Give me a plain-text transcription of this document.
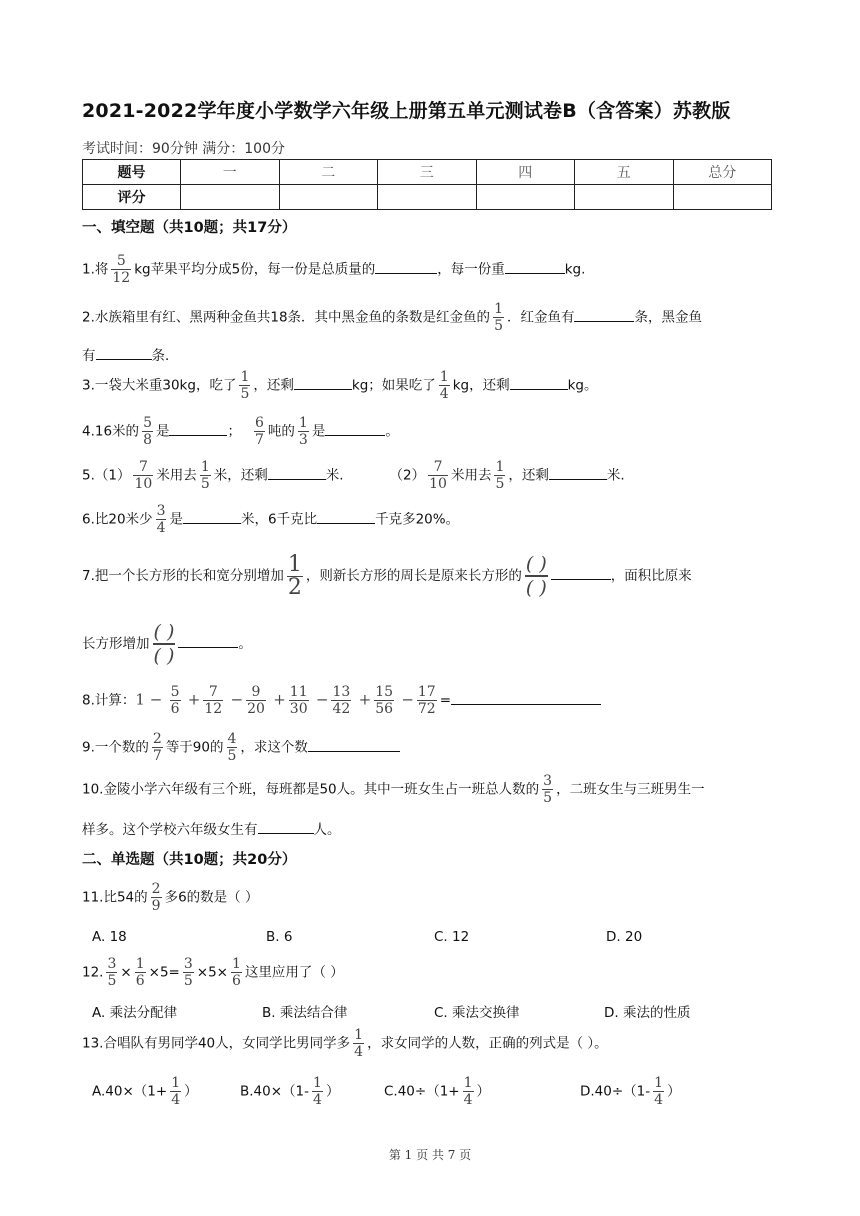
2021-2022学年度小学数学六年级上册第五单元测试卷B（含答案）苏教版
考试时间：90分钟 满分：100分
题号	一	二	三	四	五	总分
评分						
一、填空题（共10题；共17分）
1.将 $\frac{5}{12}$ kg苹果平均分成5份，每一份是总质量的	，每一份重	kg.
2.水族箱里有红、黑两种金鱼共18条．其中黑金鱼的条数是红金鱼的 $\frac{1}{5}$ ．红金鱼有	条，黑金鱼
有	条．
3.一袋大米重30kg，吃了 $\frac{1}{5}$ ，还剩	kg；如果吃了 $\frac{1}{4}$ kg，还剩	kg。
4.16米的 $\frac{5}{8}$ 是	； $\frac{6}{7}$ 吨的 $\frac{1}{3}$ 是	。
$5.(1) \frac{7}{10}$ 米用去 $\frac{1}{5}$ 米，还剩	米.	$(2) \frac{7}{10}$ 米用去 $\frac{1}{5}$ ，还剩	米.
6.比20米少 $\frac{3}{4}$ 是	米，6千克比	千克多20%。
7.把一个长方形的长和宽分别增加 $\frac{1}{2}$ ，则新长方形的周长是原来长方形的 $\frac{( )}{( )}$	，面积比原来
长方形增加 $\frac{( )}{( )}$	。
8.计算：$1 - \frac{5}{6} + \frac{7}{12} - \frac{9}{20} + \frac{11}{30} - \frac{13}{42} + \frac{15}{56} - \frac{17}{72}$ =
9.一个数的 $\frac{2}{7}$ 等于90的 $\frac{4}{5}$ ，求这个数
10.金陵小学六年级有三个班，每班都是50人。其中一班女生占一班总人数的 $\frac{3}{5}$ ，二班女生与三班男生一
样多。这个学校六年级女生有	人。
二、单选题（共10题；共20分）
11.比54的 $\frac{2}{9}$ 多6的数是（ ）
A. 18	B. 6	C. 12	D. 20
12. $\frac{3}{5} \times \frac{1}{6} \times 5= \frac{3}{5} \times 5\times \frac{1}{6}$ 这里应用了（ ）
A. 乘法分配律	B. 乘法结合律	C. 乘法交换律	D. 乘法的性质
13.合唱队有男同学40人，女同学比男同学多 $\frac{1}{4}$ ，求女同学的人数，正确的列式是（ ）。
$A.40\times(1+ \frac{1}{4}$ ）	$B.40\times(1- \frac{1}{4}$ ）	$C.40\div(1+ \frac{1}{4}$ ）	$D.40\div(1- \frac{1}{4}$ ）
第 1 页 共 7 页
